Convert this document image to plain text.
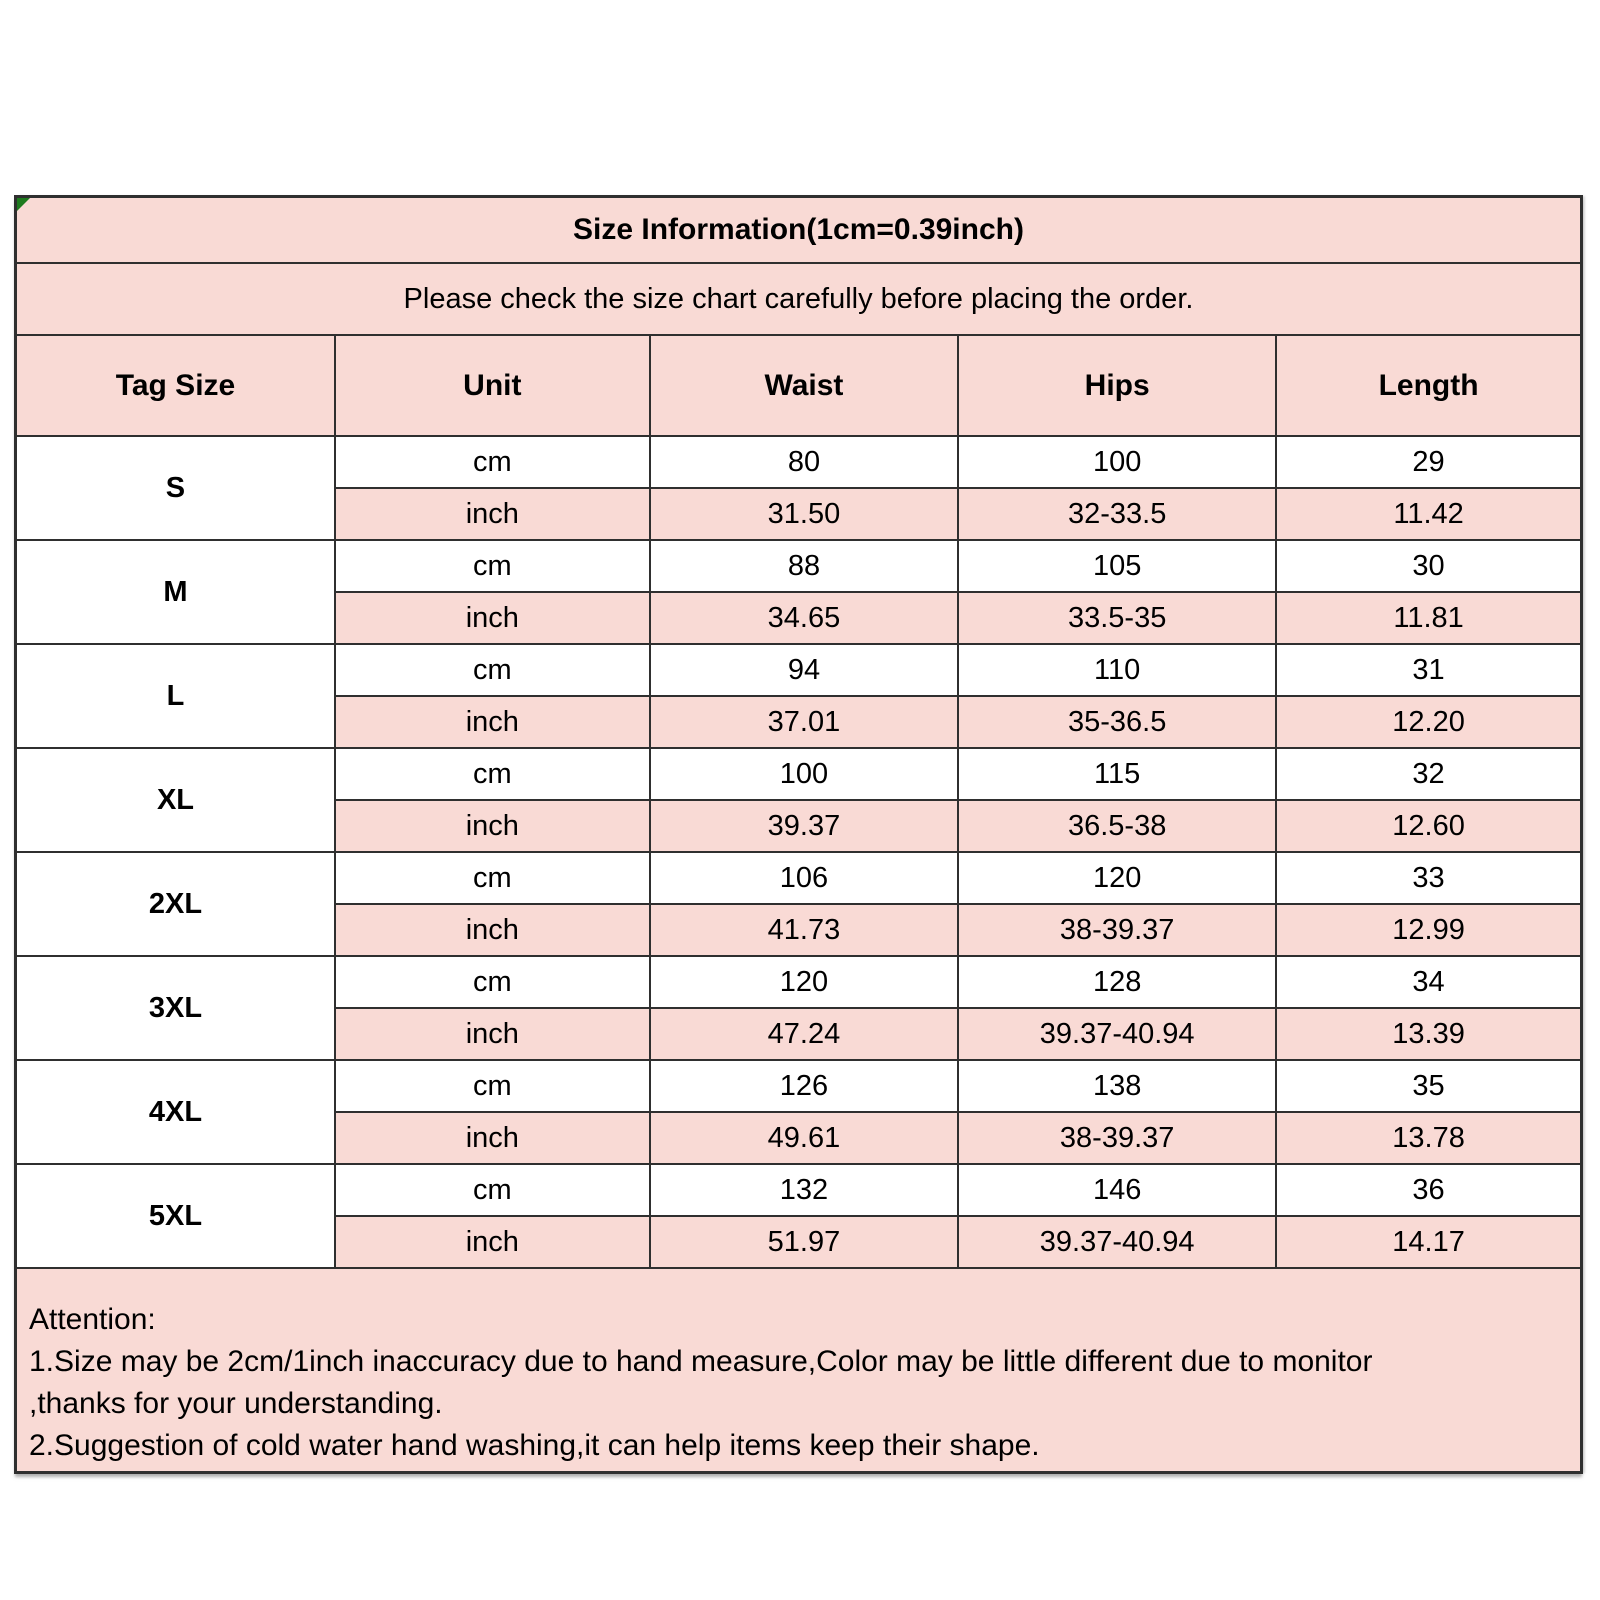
Size Information(1cm=0.39inch)				
Please check the size chart carefully before placing the order.				
Tag Size	Unit	Waist	Hips	Length
S	cm	80	100	29
	inch	31.50	32-33.5	11.42
M	cm	88	105	30
	inch	34.65	33.5-35	11.81
L	cm	94	110	31
	inch	37.01	35-36.5	12.20
XL	cm	100	115	32
	inch	39.37	36.5-38	12.60
2XL	cm	106	120	33
	inch	41.73	38-39.37	12.99
3XL	cm	120	128	34
	inch	47.24	39.37-40.94	13.39
4XL	cm	126	138	35
	inch	49.61	38-39.37	13.78
5XL	cm	132	146	36
	inch	51.97	39.37-40.94	14.17

Attention:
1.Size may be 2cm/1inch inaccuracy due to hand measure,Color may be little different due to monitor
,thanks for your understanding.
2.Suggestion of cold water hand washing,it can help items keep their shape.				
